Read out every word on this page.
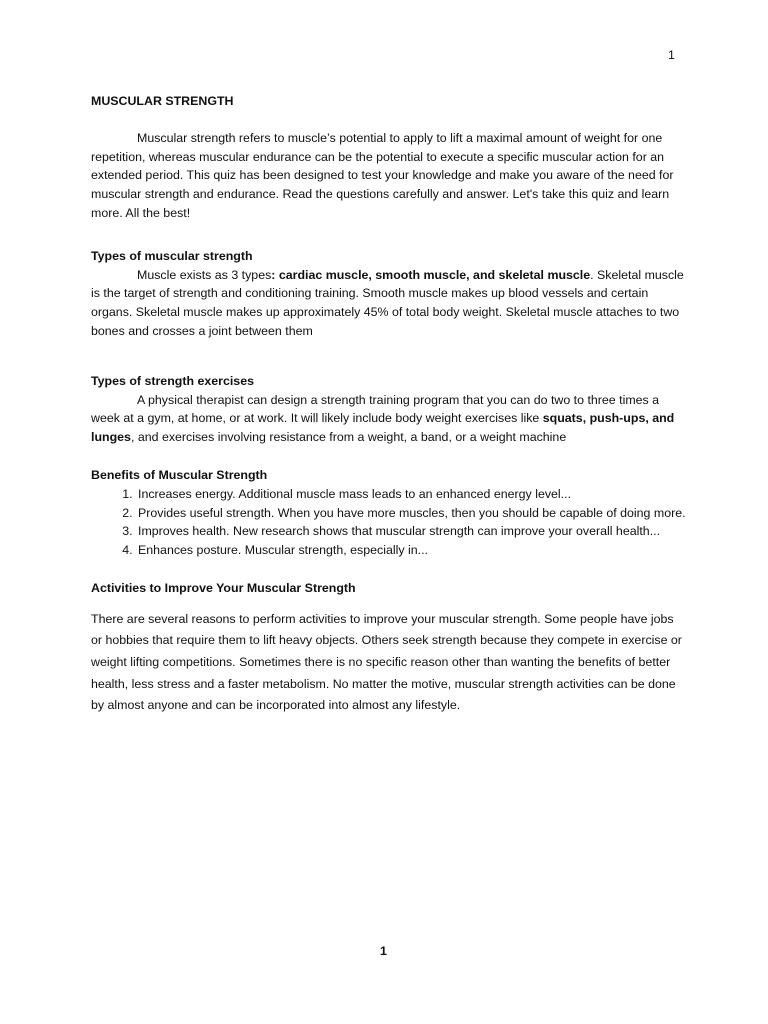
1
MUSCULAR STRENGTH

Muscular strength refers to muscle’s potential to apply to lift a maximal amount of weight for one repetition, whereas muscular endurance can be the potential to execute a specific muscular action for an extended period. This quiz has been designed to test your knowledge and make you aware of the need for muscular strength and endurance. Read the questions carefully and answer. Let's take this quiz and learn more. All the best!

Types of muscular strength

Muscle exists as 3 types: cardiac muscle, smooth muscle, and skeletal muscle. Skeletal muscle is the target of strength and conditioning training. Smooth muscle makes up blood vessels and certain organs. Skeletal muscle makes up approximately 45% of total body weight. Skeletal muscle attaches to two bones and crosses a joint between them

Types of strength exercises

A physical therapist can design a strength training program that you can do two to three times a week at a gym, at home, or at work. It will likely include body weight exercises like squats, push-ups, and lunges, and exercises involving resistance from a weight, a band, or a weight machine

Benefits of Muscular Strength
1. Increases energy. Additional muscle mass leads to an enhanced energy level...
2. Provides useful strength. When you have more muscles, then you should be capable of doing more.
3. Improves health. New research shows that muscular strength can improve your overall health...
4. Enhances posture. Muscular strength, especially in...
Activities to Improve Your Muscular Strength

There are several reasons to perform activities to improve your muscular strength. Some people have jobs or hobbies that require them to lift heavy objects. Others seek strength because they compete in exercise or weight lifting competitions. Sometimes there is no specific reason other than wanting the benefits of better health, less stress and a faster metabolism. No matter the motive, muscular strength activities can be done by almost anyone and can be incorporated into almost any lifestyle.

1
